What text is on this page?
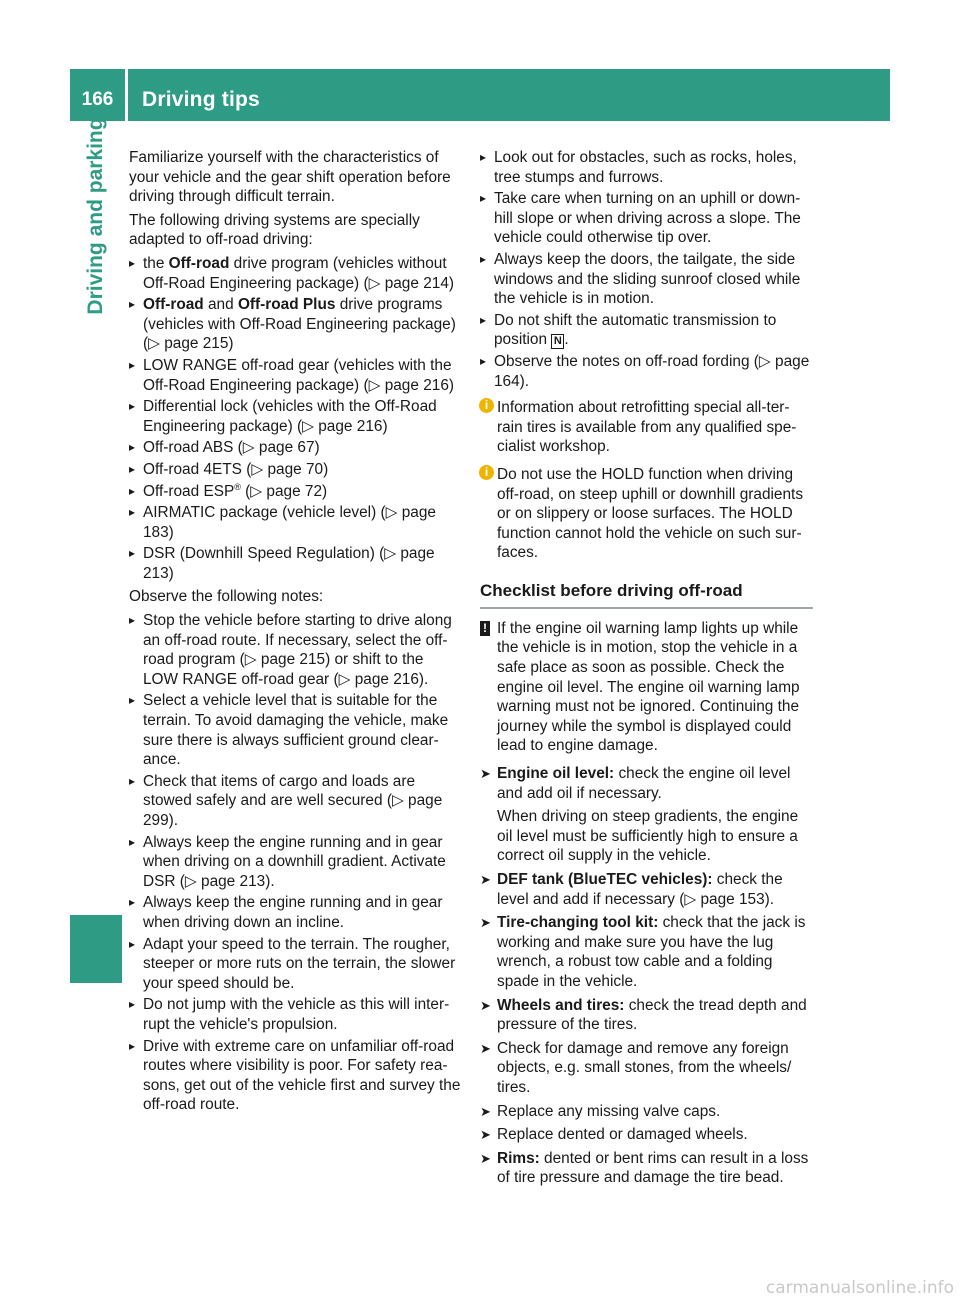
166	Driving tips
Driving and parking Familiarize yourself with the characteristics of your vehicle and the gear shift operation before driving through difficult terrain.

The following driving systems are specially adapted to off-road driving:

▸ the Off-road drive program (vehicles without Off-Road Engineering package) (▷ page 214)
▸ Off-road and Off-road Plus drive programs (vehicles with Off-Road Engineering package) (▷ page 215)
▸ LOW RANGE off-road gear (vehicles with the Off-Road Engineering package) (▷ page 216)
▸ Differential lock (vehicles with the Off-Road Engineering package) (▷ page 216)
▸ Off-road ABS (▷ page 67)
▸ Off-road 4ETS (▷ page 70)
▸ Off-road ESP® (▷ page 72)
▸ AIRMATIC package (vehicle level) (▷ page 183)
▸ DSR (Downhill Speed Regulation) (▷ page 213)

Observe the following notes:

▸ Stop the vehicle before starting to drive along an off-road route. If necessary, select the off-road program (▷ page 215) or shift to the LOW RANGE off-road gear (▷ page 216).
▸ Select a vehicle level that is suitable for the terrain. To avoid damaging the vehicle, make sure there is always sufficient ground clear-ance.
▸ Check that items of cargo and loads are stowed safely and are well secured (▷ page 299).
▸ Always keep the engine running and in gear when driving on a downhill gradient. Activate DSR (▷ page 213).
▸ Always keep the engine running and in gear when driving down an incline.
▸ Adapt your speed to the terrain. The rougher, steeper or more ruts on the terrain, the slower your speed should be.
▸ Do not jump with the vehicle as this will inter-rupt the vehicle's propulsion.
▸ Drive with extreme care on unfamiliar off-road routes where visibility is poor. For safety rea-sons, get out of the vehicle first and survey the off-road route.
▸ Look out for obstacles, such as rocks, holes, tree stumps and furrows.
▸ Take care when turning on an uphill or down-hill slope or when driving across a slope. The vehicle could otherwise tip over.
▸ Always keep the doors, the tailgate, the side windows and the sliding sunroof closed while the vehicle is in motion.
▸ Do not shift the automatic transmission to position N .
▸ Observe the notes on off-road fording (▷ page 164).
i Information about retrofitting special all-ter-rain tires is available from any qualified spe-cialist workshop.
i Do not use the HOLD function when driving off-road, on steep uphill or downhill gradients or on slippery or loose surfaces. The HOLD function cannot hold the vehicle on such sur-faces.
Checklist before driving off-road
! If the engine oil warning lamp lights up while the vehicle is in motion, stop the vehicle in a safe place as soon as possible. Check the engine oil level. The engine oil warning lamp warning must not be ignored. Continuing the journey while the symbol is displayed could lead to engine damage.
➤ Engine oil level: check the engine oil level and add oil if necessary.

When driving on steep gradients, the engine oil level must be sufficiently high to ensure a correct oil supply in the vehicle.

➤ DEF tank (BlueTEC vehicles): check the level and add if necessary (▷ page 153).
➤ Tire-changing tool kit: check that the jack is working and make sure you have the lug wrench, a robust tow cable and a folding spade in the vehicle.
➤ Wheels and tires: check the tread depth and pressure of the tires.
➤ Check for damage and remove any foreign objects, e.g. small stones, from the wheels/ tires.
➤ Replace any missing valve caps.
➤ Replace dented or damaged wheels.
➤ Rims: dented or bent rims can result in a loss of tire pressure and damage the tire bead.
carmanualsonline.info
